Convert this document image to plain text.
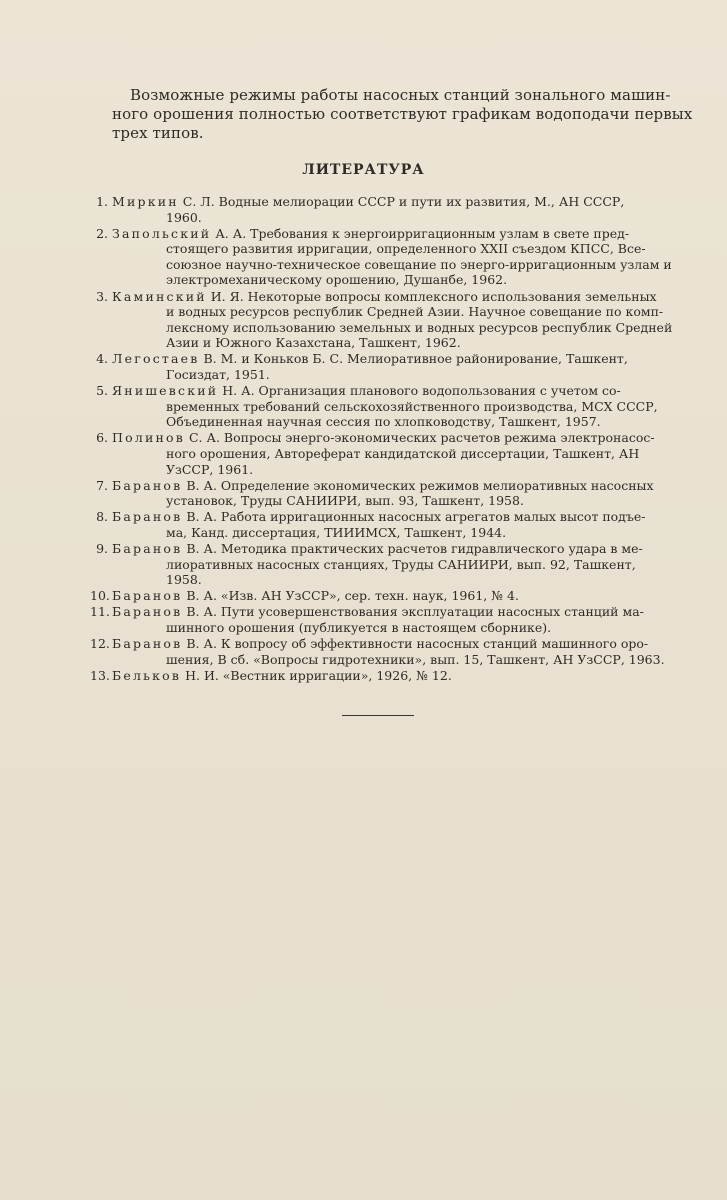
Возможные режимы работы насосных станций зонального машин-
ного орошения полностью соответствуют графикам водоподачи первых
трех типов.

ЛИТЕРАТУРА
1. Миркин С. Л. Водные мелиорации СССР и пути их развития, М., АН СССР,
1960.
2. Запольский А. А. Требования к энергоирригационным узлам в свете пред-
стоящего развития ирригации, определенного XXII съездом КПСС, Все-
союзное научно-техническое совещание по энерго-ирригационным узлам и
электромеханическому орошению, Душанбе, 1962.
3. Каминский И. Я. Некоторые вопросы комплексного использования земельных
и водных ресурсов республик Средней Азии. Научное совещание по комп-
лексному использованию земельных и водных ресурсов республик Средней
Азии и Южного Казахстана, Ташкент, 1962.
4. Легостаев В. М. и Коньков Б. С. Мелиоративное районирование, Ташкент,
Госиздат, 1951.
5. Янишевский Н. А. Организация планового водопользования с учетом со-
временных требований сельскохозяйственного производства, МСХ СССР,
Объединенная научная сессия по хлопководству, Ташкент, 1957.
6. Полинов С. А. Вопросы энерго-экономических расчетов режима электронасос-
ного орошения, Автореферат кандидатской диссертации, Ташкент, АН
УзССР, 1961.
7. Баранов В. А. Определение экономических режимов мелиоративных насосных
установок, Труды САНИИРИ, вып. 93, Ташкент, 1958.
8. Баранов В. А. Работа ирригационных насосных агрегатов малых высот подъе-
ма, Канд. диссертация, ТИИИМСХ, Ташкент, 1944.
9. Баранов В. А. Методика практических расчетов гидравлического удара в ме-
лиоративных насосных станциях, Труды САНИИРИ, вып. 92, Ташкент,
1958.
10. Баранов В. А. «Изв. АН УзССР», сер. техн. наук, 1961, № 4.
11. Баранов В. А. Пути усовершенствования эксплуатации насосных станций ма-
шинного орошения (публикуется в настоящем сборнике).
12. Баранов В. А. К вопросу об эффективности насосных станций машинного оро-
шения, В сб. «Вопросы гидротехники», вып. 15, Ташкент, АН УзССР, 1963.
13. Бельков Н. И. «Вестник ирригации», 1926, № 12.
